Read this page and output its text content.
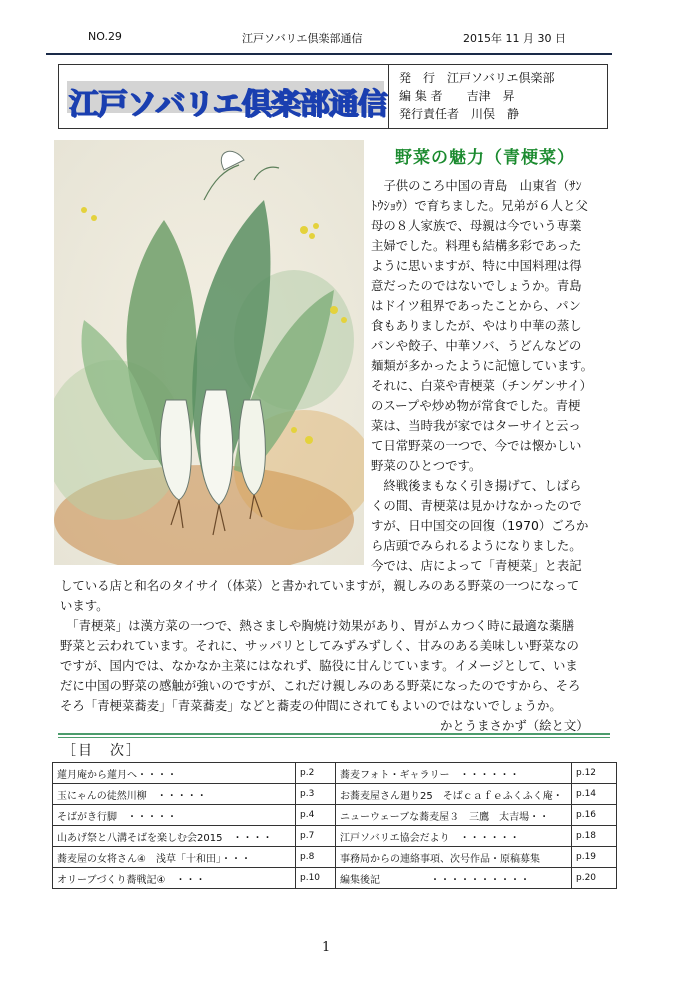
NO.29	江戸ソバリエ倶楽部通信	2015年 11 月 30 日
江戸ソバリエ倶楽部通信
発　行　江戸ソバリエ倶楽部
編 集 者　　吉津　昇
発行責任者　川俣　静
野菜の魅力（青梗菜）
　子供のころ中国の青島　山東省（ｻﾝ
ﾄｳｼｮｳ）で育ちました。兄弟が６人と父
母の８人家族で、母親は今でいう専業
主婦でした。料理も結構多彩であった
ように思いますが、特に中国料理は得
意だったのではないでしょうか。青島
はドイツ租界であったことから、パン
食もありましたが、やはり中華の蒸し
パンや餃子、中華ソバ、うどんなどの
麺類が多かったように記憶しています。
それに、白菜や青梗菜（チンゲンサイ）
のスープや炒め物が常食でした。青梗
菜は、当時我が家ではターサイと云っ
て日常野菜の一つで、今では懐かしい
野菜のひとつです。
　終戦後まもなく引き揚げて、しばら
くの間、青梗菜は見かけなかったので
すが、日中国交の回復（1970）ごろか
ら店頭でみられるようになりました。
今では、店によって「青梗菜」と表記
している店と和名のタイサイ（体菜）と書かれていますが，親しみのある野菜の一つになって
います。
　「青梗菜」は漢方菜の一つで、熱さましや胸焼け効果があり、胃がムカつく時に最適な薬膳
野菜と云われています。それに、サッパリとしてみずみずしく、甘みのある美味しい野菜なの
ですが、国内では、なかなか主菜にはなれず、脇役に甘んじています。イメージとして、いま
だに中国の野菜の感触が強いのですが、これだけ親しみのある野菜になったのですから、そろ
そろ「青梗菜蕎麦」「青菜蕎麦」などと蕎麦の仲間にされてもよいのではないでしょうか。
かとうまさかず（絵と文）
［目　次］
蓮月庵から蓮月へ・・・・	p.2	蕎麦フォト・ギャラリー　・・・・・・	p.12
玉にゃんの徒然川柳　・・・・・	p.3	お蕎麦屋さん廻り25　そばｃａｆｅふくふく庵・	p.14
そばがき行脚　・・・・・	p.4	ニューウェーブな蕎麦屋３　三鷹　太吉場・・	p.16
山あげ祭と八溝そばを楽しむ会2015　・・・・	p.7	江戸ソバリエ協会だより　・・・・・・	p.18
蕎麦屋の女将さん④　浅草「十和田」・・・	p.8	事務局からの連絡事項、次号作品・原稿募集	p.19
オリーブづくり蕎戦記④　・・・	p.10	編集後記　　　　　・・・・・・・・・・	p.20
1
